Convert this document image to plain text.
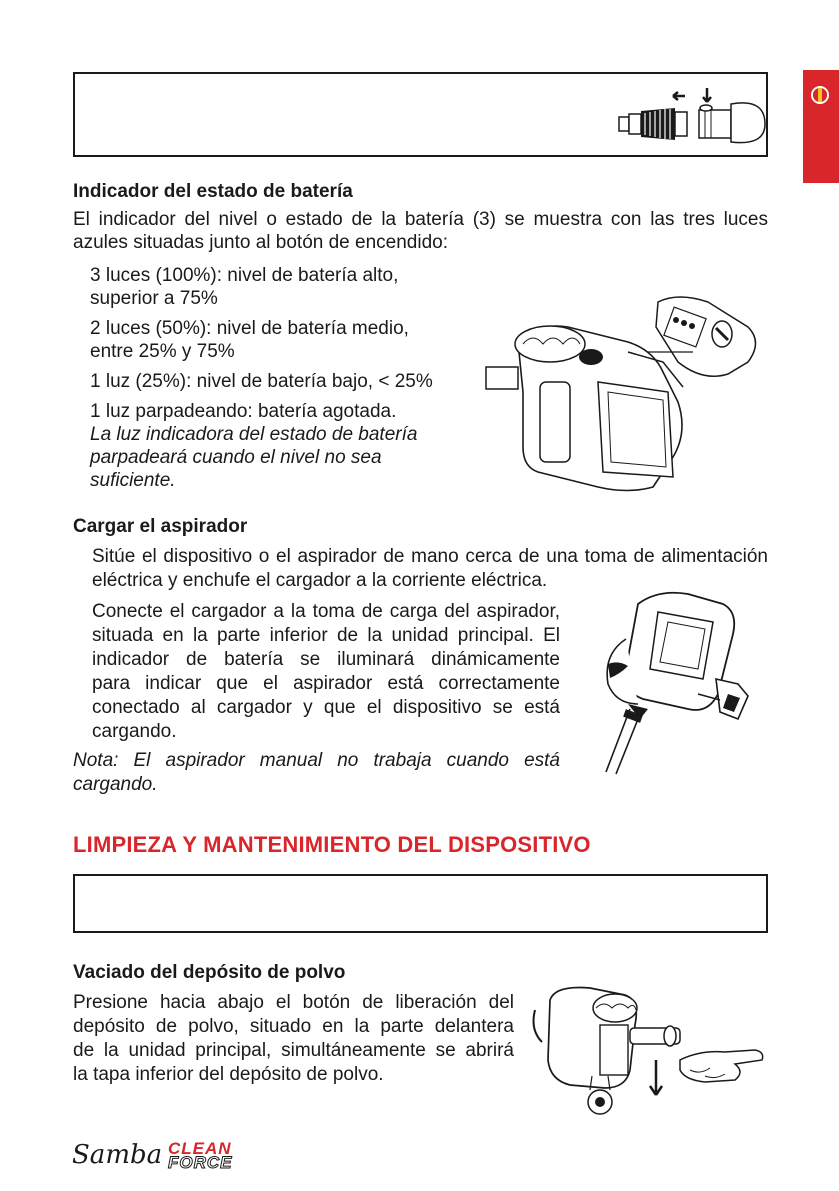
Indicador del estado de batería
El indicador del nivel o estado de la batería (3) se muestra con las tres luces
azules situadas junto al botón de encendido:
3 luces (100%): nivel de batería alto,
superior a 75%
2 luces (50%): nivel de batería medio,
entre 25% y 75%
1 luz (25%): nivel de batería bajo, < 25%
1 luz parpadeando: batería agotada.
La luz indicadora del estado de batería
parpadeará cuando el nivel no sea
suficiente.
Cargar el aspirador
Sitúe el dispositivo o el aspirador de mano cerca de una toma de alimentación
eléctrica y enchufe el cargador a la corriente eléctrica.
Conecte el cargador a la toma de carga del aspirador,
situada en la parte inferior de la unidad principal. El
indicador de batería se iluminará dinámicamente
para indicar que el aspirador está correctamente
conectado al cargador y que el dispositivo se está
cargando.
Nota: El aspirador manual no trabaja cuando está
cargando.
LIMPIEZA Y MANTENIMIENTO DEL DISPOSITIVO
Vaciado del depósito de polvo
Presione hacia abajo el botón de liberación del
depósito de polvo, situado en la parte delantera
de la unidad principal, simultáneamente se abrirá
la tapa inferior del depósito de polvo.
Samba CLEAN
FORCE
